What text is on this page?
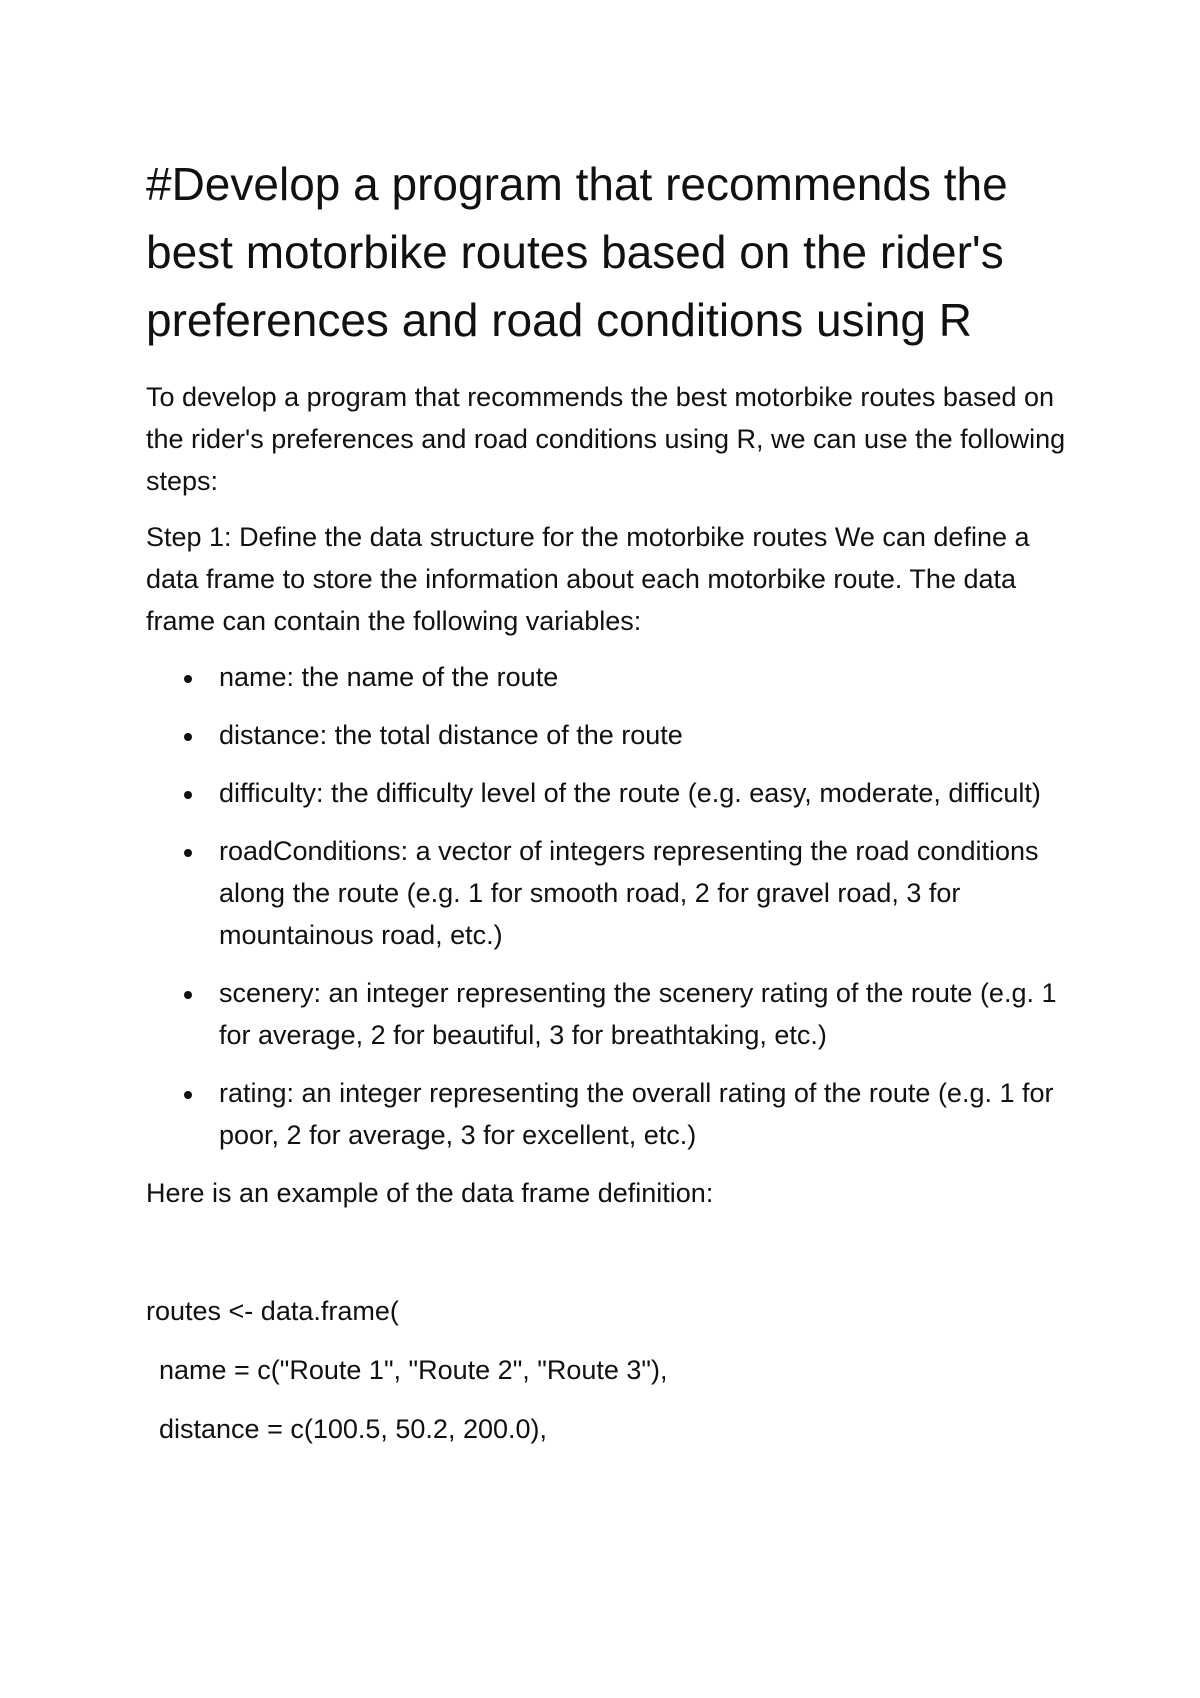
#Develop a program that recommends the best motorbike routes based on the rider's preferences and road conditions using R

To develop a program that recommends the best motorbike routes based on the rider's preferences and road conditions using R, we can use the following steps:

Step 1: Define the data structure for the motorbike routes We can define a data frame to store the information about each motorbike route. The data frame can contain the following variables:

name: the name of the route
distance: the total distance of the route
difficulty: the difficulty level of the route (e.g. easy, moderate, difficult)
roadConditions: a vector of integers representing the road conditions along the route (e.g. 1 for smooth road, 2 for gravel road, 3 for mountainous road, etc.)
scenery: an integer representing the scenery rating of the route (e.g. 1 for average, 2 for beautiful, 3 for breathtaking, etc.)
rating: an integer representing the overall rating of the route (e.g. 1 for poor, 2 for average, 3 for excellent, etc.)

Here is an example of the data frame definition:

routes <- data.frame(

name = c("Route 1", "Route 2", "Route 3"),

distance = c(100.5, 50.2, 200.0),
